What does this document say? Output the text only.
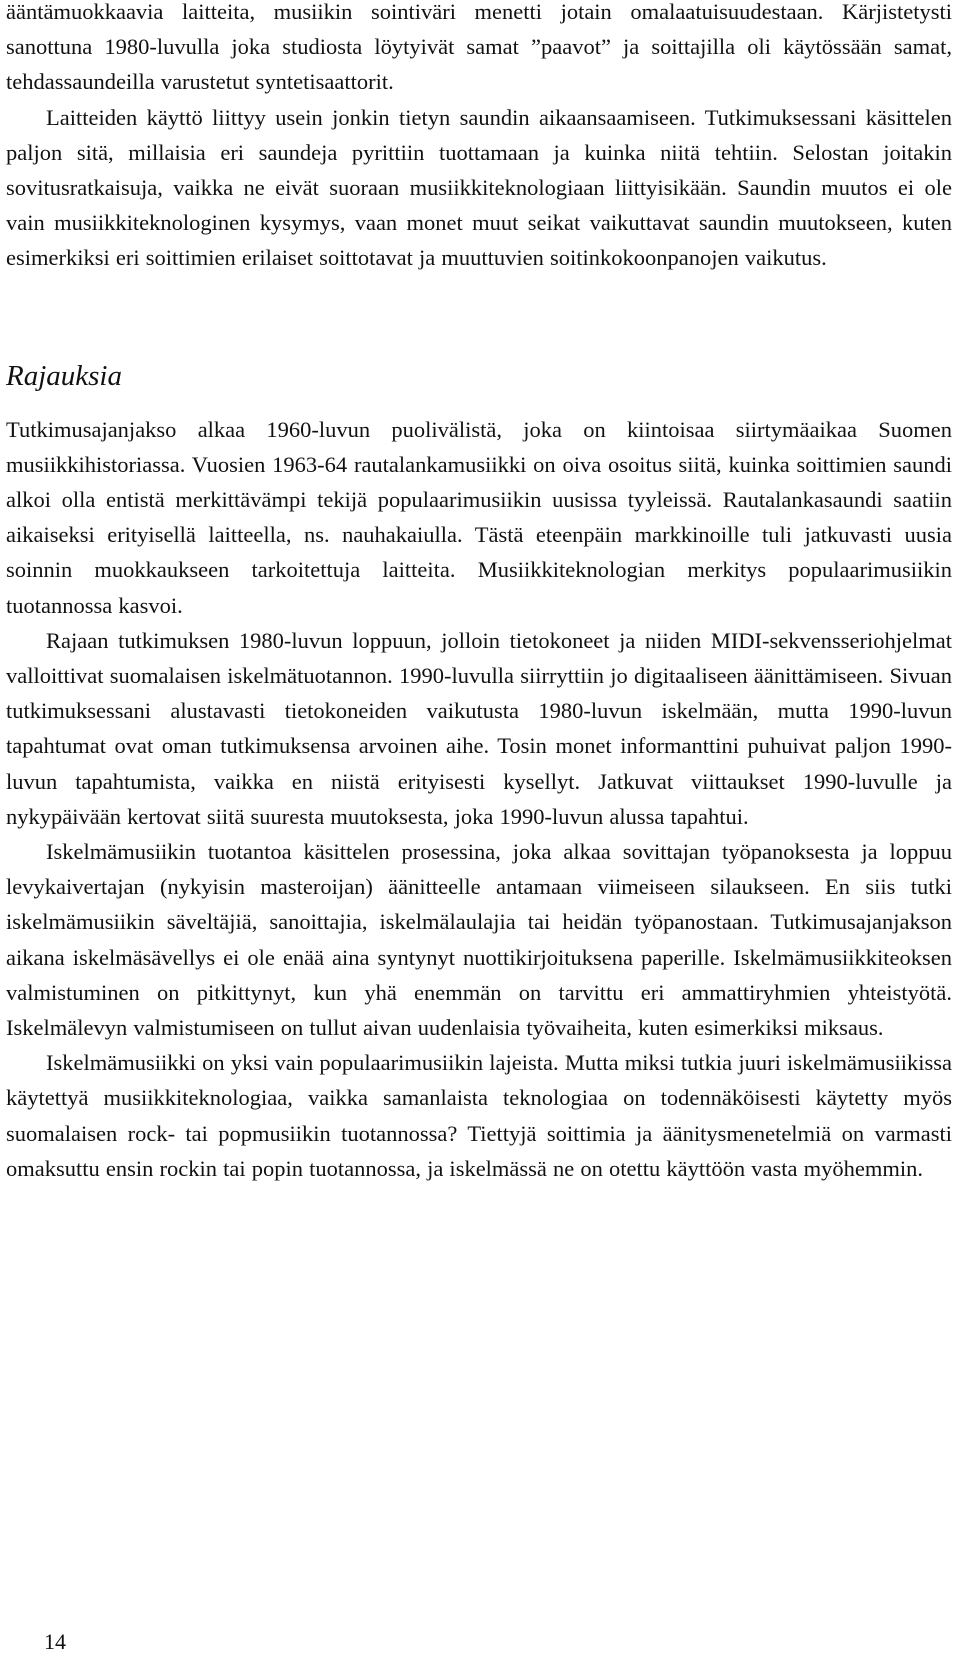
ääntämuokkaavia laitteita, musiikin sointiväri menetti jotain omalaatuisuudestaan. Kärjistetysti sanottuna 1980-luvulla joka studiosta löytyivät samat ”paavot” ja soittajilla oli käytössään samat, tehdassaundeilla varustetut syntetisaattorit.

Laitteiden käyttö liittyy usein jonkin tietyn saundin aikaansaamiseen. Tutkimuksessani käsittelen paljon sitä, millaisia eri saundeja pyrittiin tuottamaan ja kuinka niitä tehtiin. Selostan joitakin sovitusratkaisuja, vaikka ne eivät suoraan musiikkiteknologiaan liittyisikään. Saundin muutos ei ole vain musiikkiteknologinen kysymys, vaan monet muut seikat vaikuttavat saundin muutokseen, kuten esimerkiksi eri soittimien erilaiset soittotavat ja muuttuvien soitinkokoonpanojen vaikutus.

Rajauksia

Tutkimusajanjakso alkaa 1960-luvun puolivälistä, joka on kiintoisaa siirtymäaikaa Suomen musiikkihistoriassa. Vuosien 1963-64 rautalankamusiikki on oiva osoitus siitä, kuinka soittimien saundi alkoi olla entistä merkittävämpi tekijä populaarimusiikin uusissa tyyleissä. Rautalankasaundi saatiin aikaiseksi erityisellä laitteella, ns. nauhakaiulla. Tästä eteenpäin markkinoille tuli jatkuvasti uusia soinnin muokkaukseen tarkoitettuja laitteita. Musiikkiteknologian merkitys populaarimusiikin tuotannossa kasvoi.

Rajaan tutkimuksen 1980-luvun loppuun, jolloin tietokoneet ja niiden MIDI-sekvensseriohjelmat valloittivat suomalaisen iskelmätuotannon. 1990-luvulla siirryttiin jo digitaaliseen äänittämiseen. Sivuan tutkimuksessani alustavasti tietokoneiden vaikutusta 1980-luvun iskelmään, mutta 1990-luvun tapahtumat ovat oman tutkimuksensa arvoinen aihe. Tosin monet informanttini puhuivat paljon 1990-luvun tapahtumista, vaikka en niistä erityisesti kysellyt. Jatkuvat viittaukset 1990-luvulle ja nykypäivään kertovat siitä suuresta muutoksesta, joka 1990-luvun alussa tapahtui.

Iskelmämusiikin tuotantoa käsittelen prosessina, joka alkaa sovittajan työpanoksesta ja loppuu levykaivertajan (nykyisin masteroijan) äänitteelle antamaan viimeiseen silaukseen. En siis tutki iskelmämusiikin säveltäjiä, sanoittajia, iskelmälaulajia tai heidän työpanostaan. Tutkimusajanjakson aikana iskelmäsävellys ei ole enää aina syntynyt nuottikirjoituksena paperille. Iskelmämusiikkiteoksen valmistuminen on pitkittynyt, kun yhä enemmän on tarvittu eri ammattiryhmien yhteistyötä. Iskelmälevyn valmistumiseen on tullut aivan uudenlaisia työvaiheita, kuten esimerkiksi miksaus.

Iskelmämusiikki on yksi vain populaarimusiikin lajeista. Mutta miksi tutkia juuri iskelmämusiikissa käytettyä musiikkiteknologiaa, vaikka samanlaista teknologiaa on todennäköisesti käytetty myös suomalaisen rock- tai popmusiikin tuotannossa? Tiettyjä soittimia ja äänitysmenetelmiä on varmasti omaksuttu ensin rockin tai popin tuotannossa, ja iskelmässä ne on otettu käyttöön vasta myöhemmin.

14
